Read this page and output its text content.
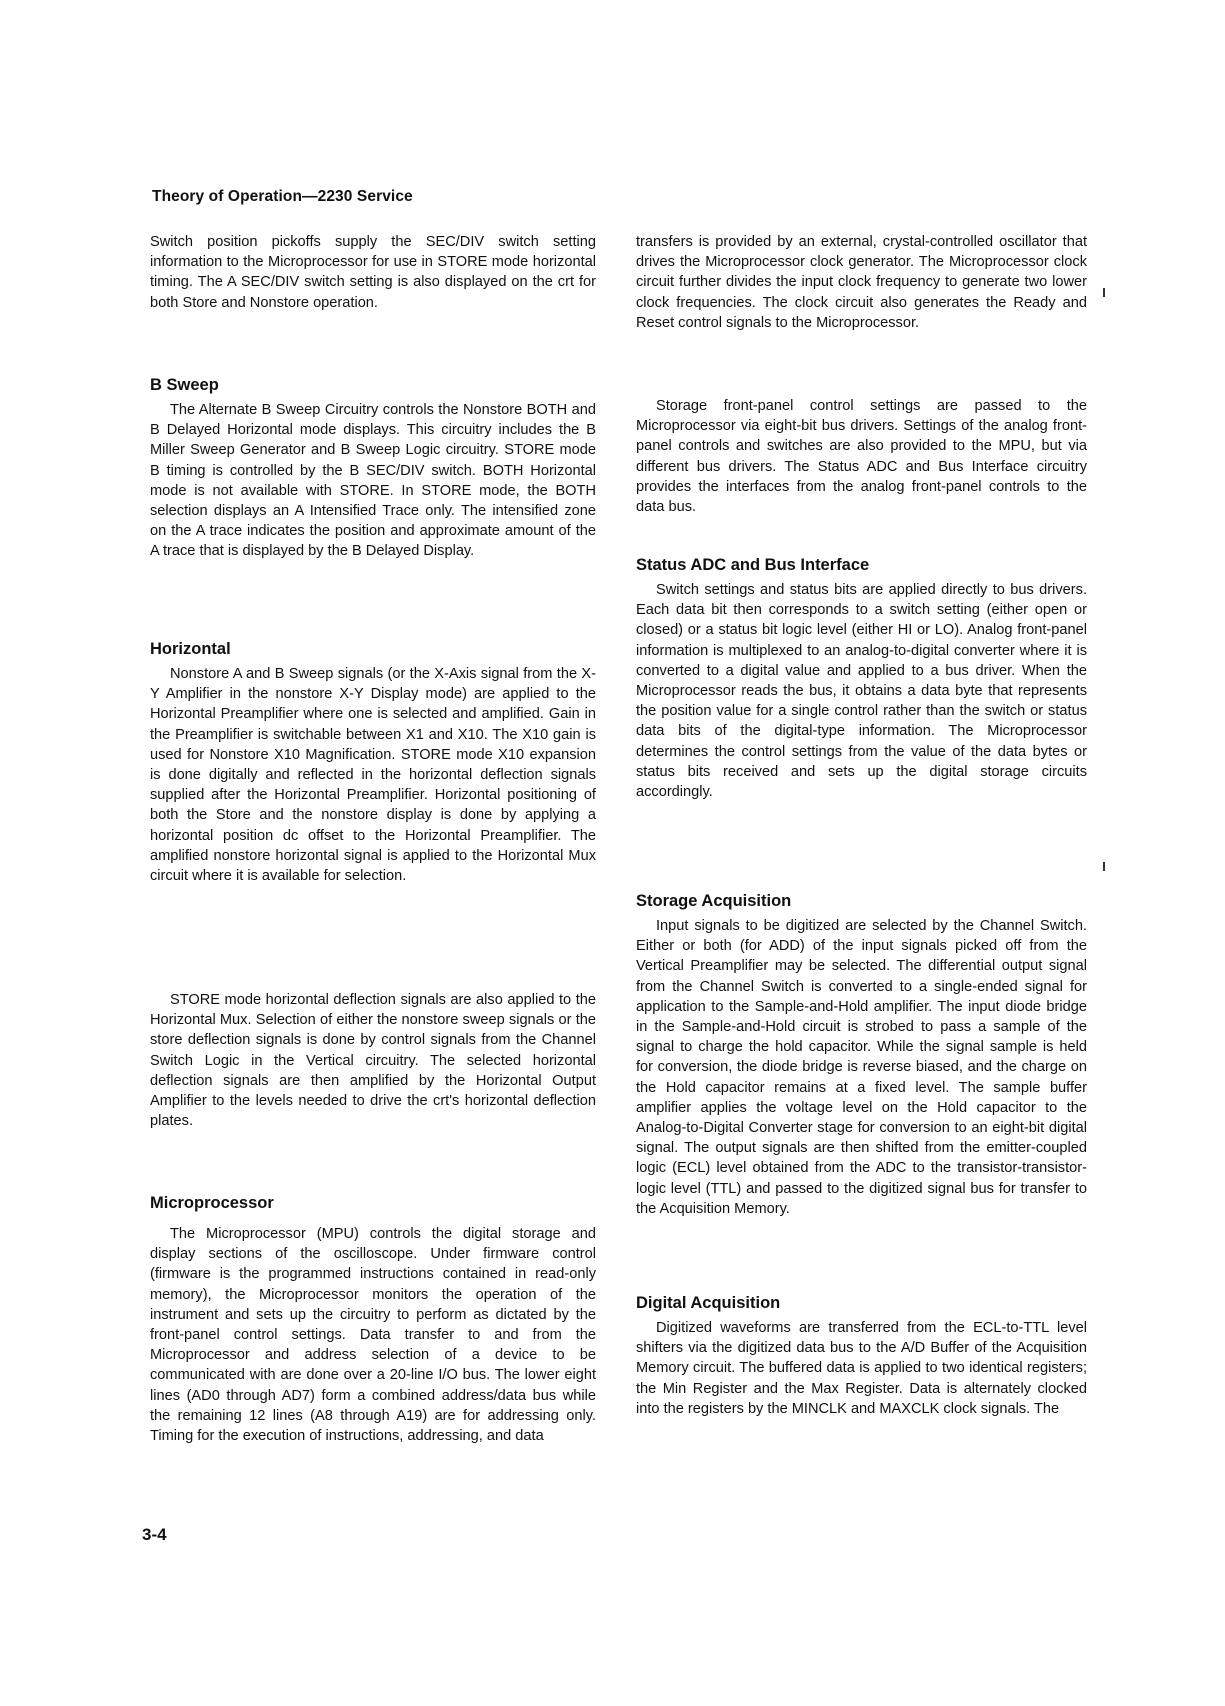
Theory of Operation—2230 Service

Switch position pickoffs supply the SEC/DIV switch setting information to the Microprocessor for use in STORE mode horizontal timing. The A SEC/DIV switch setting is also displayed on the crt for both Store and Nonstore operation.

B Sweep

The Alternate B Sweep Circuitry controls the Nonstore BOTH and B Delayed Horizontal mode displays. This circuitry includes the B Miller Sweep Generator and B Sweep Logic circuitry. STORE mode B timing is controlled by the B SEC/DIV switch. BOTH Horizontal mode is not available with STORE. In STORE mode, the BOTH selection displays an A Intensified Trace only. The intensified zone on the A trace indicates the position and approximate amount of the A trace that is displayed by the B Delayed Display.

Horizontal

Nonstore A and B Sweep signals (or the X-Axis signal from the X-Y Amplifier in the nonstore X-Y Display mode) are applied to the Horizontal Preamplifier where one is selected and amplified. Gain in the Preamplifier is switchable between X1 and X10. The X10 gain is used for Nonstore X10 Magnification. STORE mode X10 expansion is done digitally and reflected in the horizontal deflection signals supplied after the Horizontal Preamplifier. Horizontal positioning of both the Store and the nonstore display is done by applying a horizontal position dc offset to the Horizontal Preamplifier. The amplified nonstore horizontal signal is applied to the Horizontal Mux circuit where it is available for selection.

STORE mode horizontal deflection signals are also applied to the Horizontal Mux. Selection of either the nonstore sweep signals or the store deflection signals is done by control signals from the Channel Switch Logic in the Vertical circuitry. The selected horizontal deflection signals are then amplified by the Horizontal Output Amplifier to the levels needed to drive the crt's horizontal deflection plates.

Microprocessor

The Microprocessor (MPU) controls the digital storage and display sections of the oscilloscope. Under firmware control (firmware is the programmed instructions contained in read-only memory), the Microprocessor monitors the operation of the instrument and sets up the circuitry to perform as dictated by the front-panel control settings. Data transfer to and from the Microprocessor and address selection of a device to be communicated with are done over a 20-line I/O bus. The lower eight lines (AD0 through AD7) form a combined address/data bus while the remaining 12 lines (A8 through A19) are for addressing only. Timing for the execution of instructions, addressing, and data

transfers is provided by an external, crystal-controlled oscillator that drives the Microprocessor clock generator. The Microprocessor clock circuit further divides the input clock frequency to generate two lower clock frequencies. The clock circuit also generates the Ready and Reset control signals to the Microprocessor.

Storage front-panel control settings are passed to the Microprocessor via eight-bit bus drivers. Settings of the analog front-panel controls and switches are also provided to the MPU, but via different bus drivers. The Status ADC and Bus Interface circuitry provides the interfaces from the analog front-panel controls to the data bus.

Status ADC and Bus Interface

Switch settings and status bits are applied directly to bus drivers. Each data bit then corresponds to a switch setting (either open or closed) or a status bit logic level (either HI or LO). Analog front-panel information is multiplexed to an analog-to-digital converter where it is converted to a digital value and applied to a bus driver. When the Microprocessor reads the bus, it obtains a data byte that represents the position value for a single control rather than the switch or status data bits of the digital-type information. The Microprocessor determines the control settings from the value of the data bytes or status bits received and sets up the digital storage circuits accordingly.

Storage Acquisition

Input signals to be digitized are selected by the Channel Switch. Either or both (for ADD) of the input signals picked off from the Vertical Preamplifier may be selected. The differential output signal from the Channel Switch is converted to a single-ended signal for application to the Sample-and-Hold amplifier. The input diode bridge in the Sample-and-Hold circuit is strobed to pass a sample of the signal to charge the hold capacitor. While the signal sample is held for conversion, the diode bridge is reverse biased, and the charge on the Hold capacitor remains at a fixed level. The sample buffer amplifier applies the voltage level on the Hold capacitor to the Analog-to-Digital Converter stage for conversion to an eight-bit digital signal. The output signals are then shifted from the emitter-coupled logic (ECL) level obtained from the ADC to the transistor-transistor-logic level (TTL) and passed to the digitized signal bus for transfer to the Acquisition Memory.

Digital Acquisition

Digitized waveforms are transferred from the ECL-to-TTL level shifters via the digitized data bus to the A/D Buffer of the Acquisition Memory circuit. The buffered data is applied to two identical registers; the Min Register and the Max Register. Data is alternately clocked into the registers by the MINCLK and MAXCLK clock signals. The

3-4
